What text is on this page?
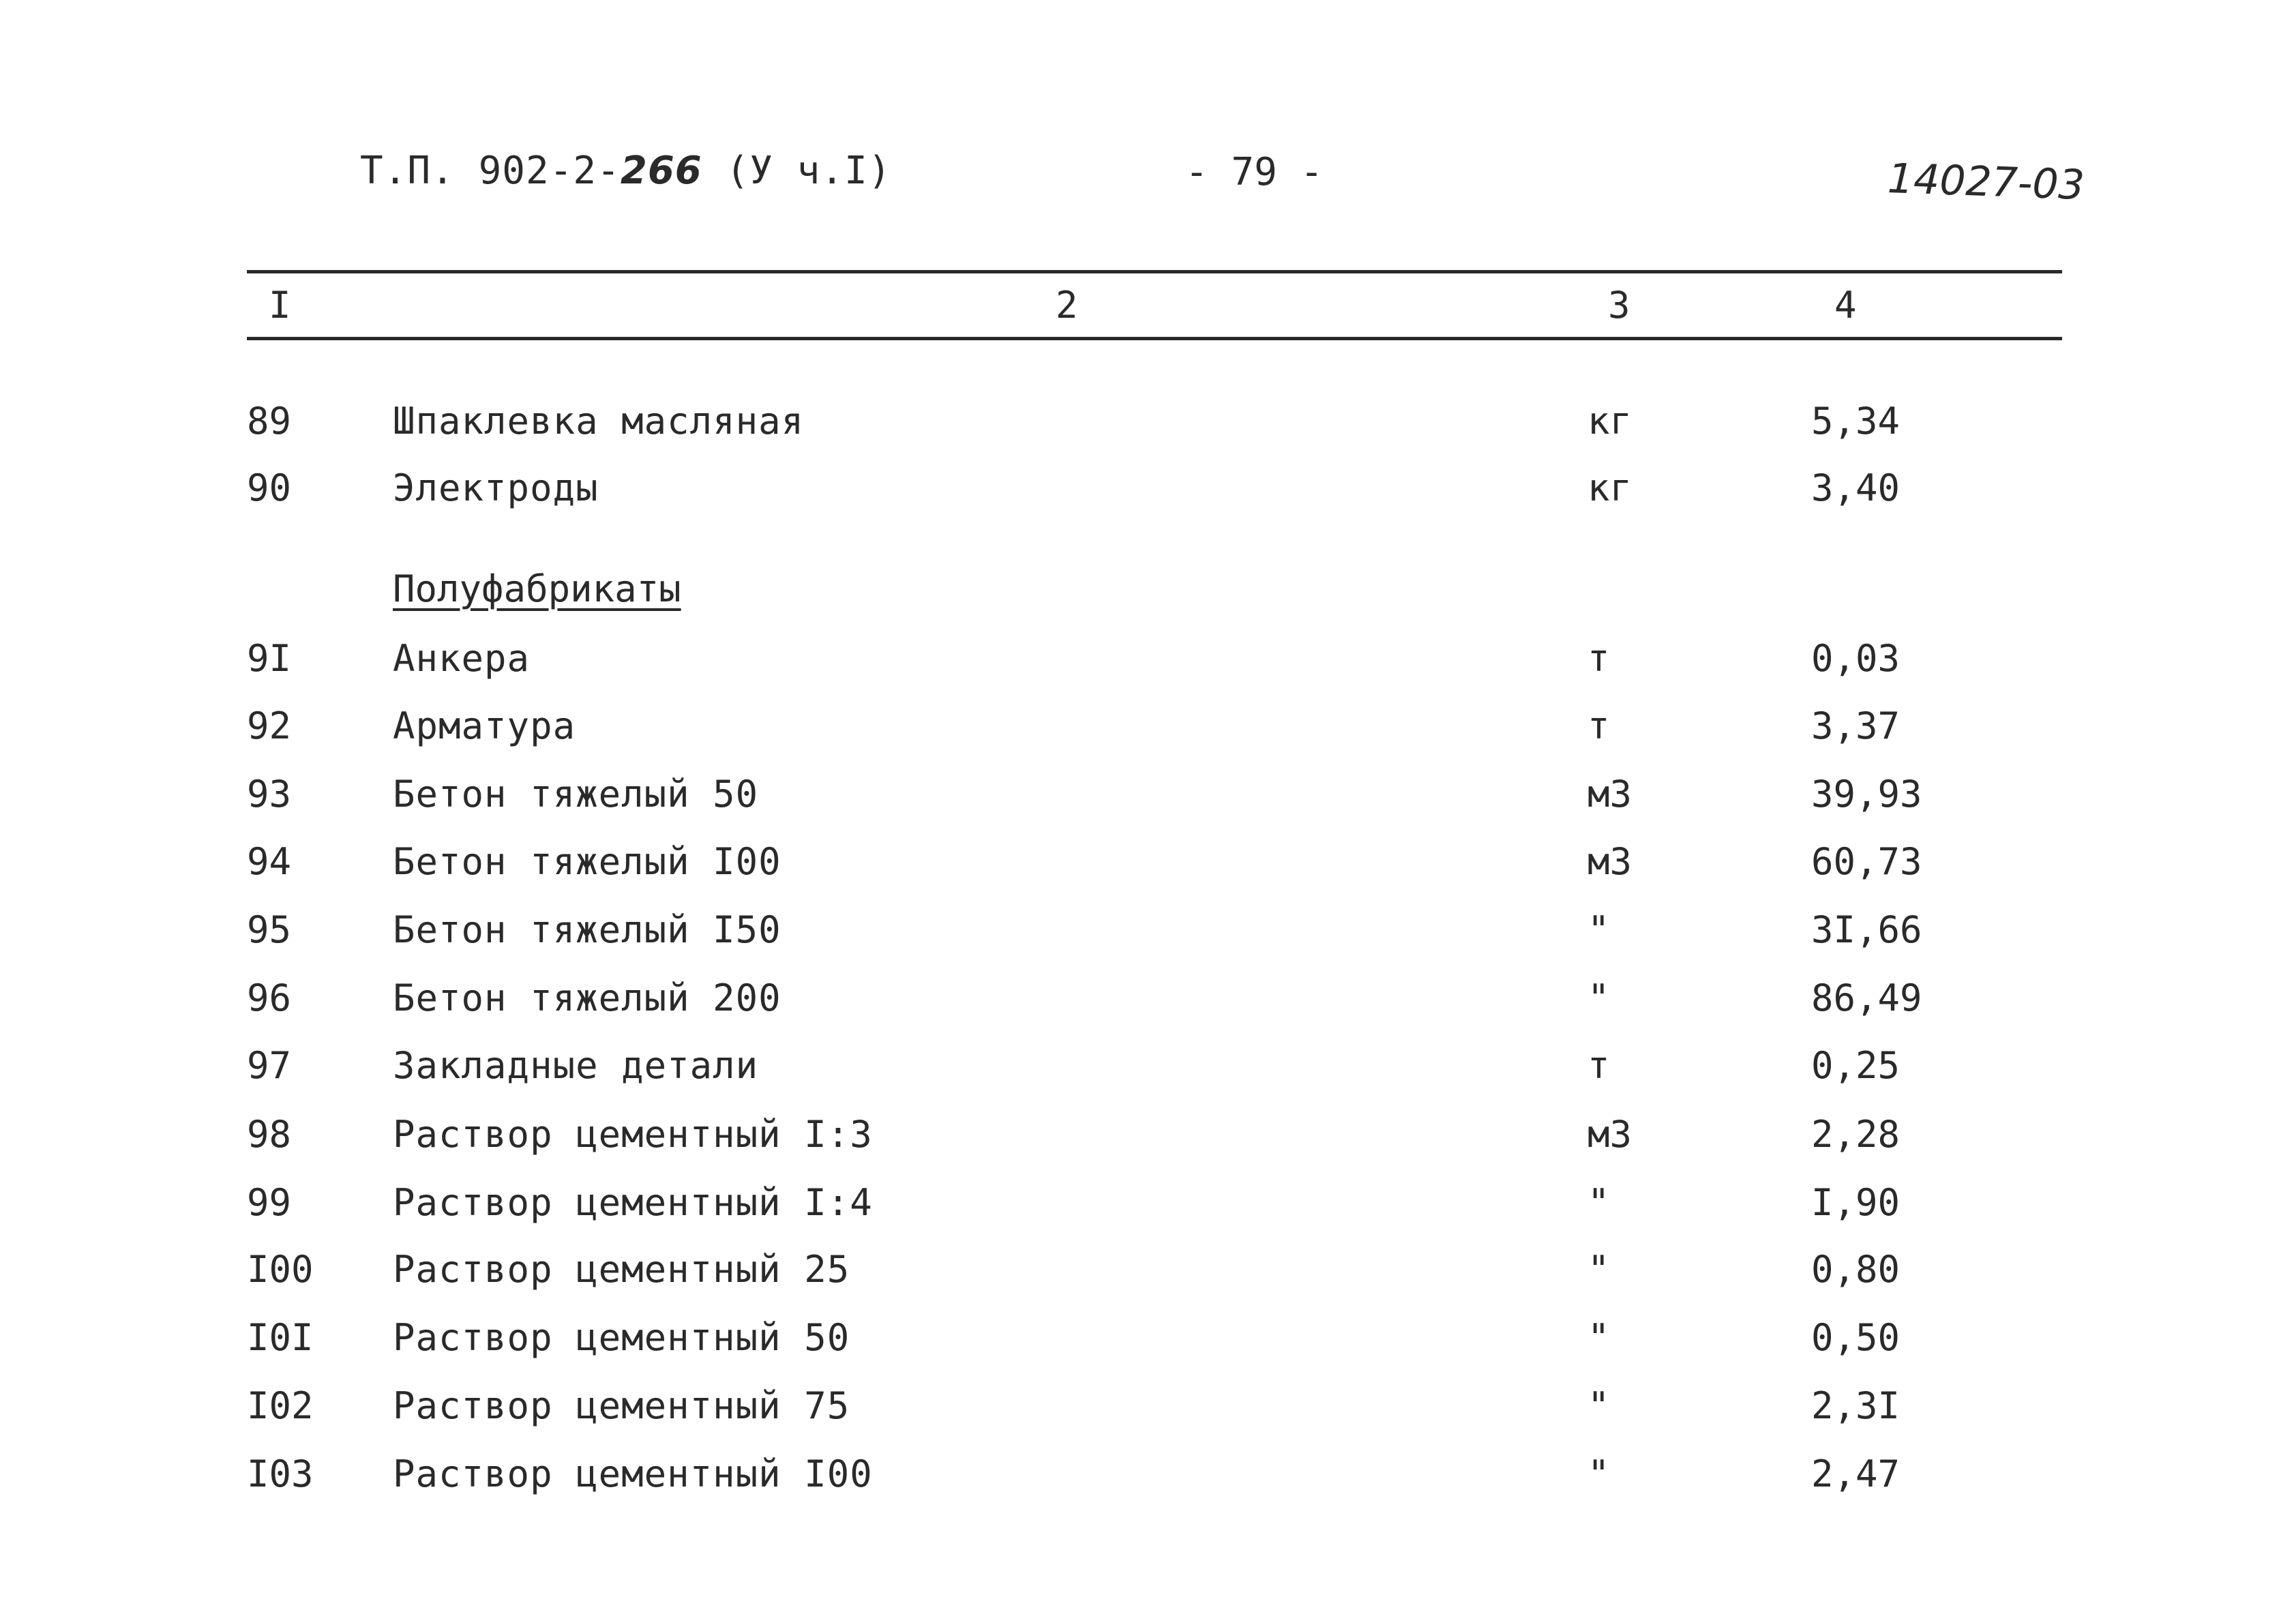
Т.П. 902-2-266 (У ч.I)	- 79 -	14027-03
I	2	3	4
89	Шпаклевка масляная	кг	5,34
90	Электроды	кг	3,40
Полуфабрикаты
9I	Анкера	т	0,03
92	Арматура	т	3,37
93	Бетон тяжелый 50	м3	39,93
94	Бетон тяжелый I00	м3	60,73
95	Бетон тяжелый I50	"	3I,66
96	Бетон тяжелый 200	"	86,49
97	Закладные детали	т	0,25
98	Раствор цементный I:3	м3	2,28
99	Раствор цементный I:4	"	I,90
I00 Раствор цементный 25	"	0,80
I0I Раствор цементный 50	"	0,50
I02 Раствор цементный 75	"	2,3I
I03 Раствор цементный I00	"	2,47
